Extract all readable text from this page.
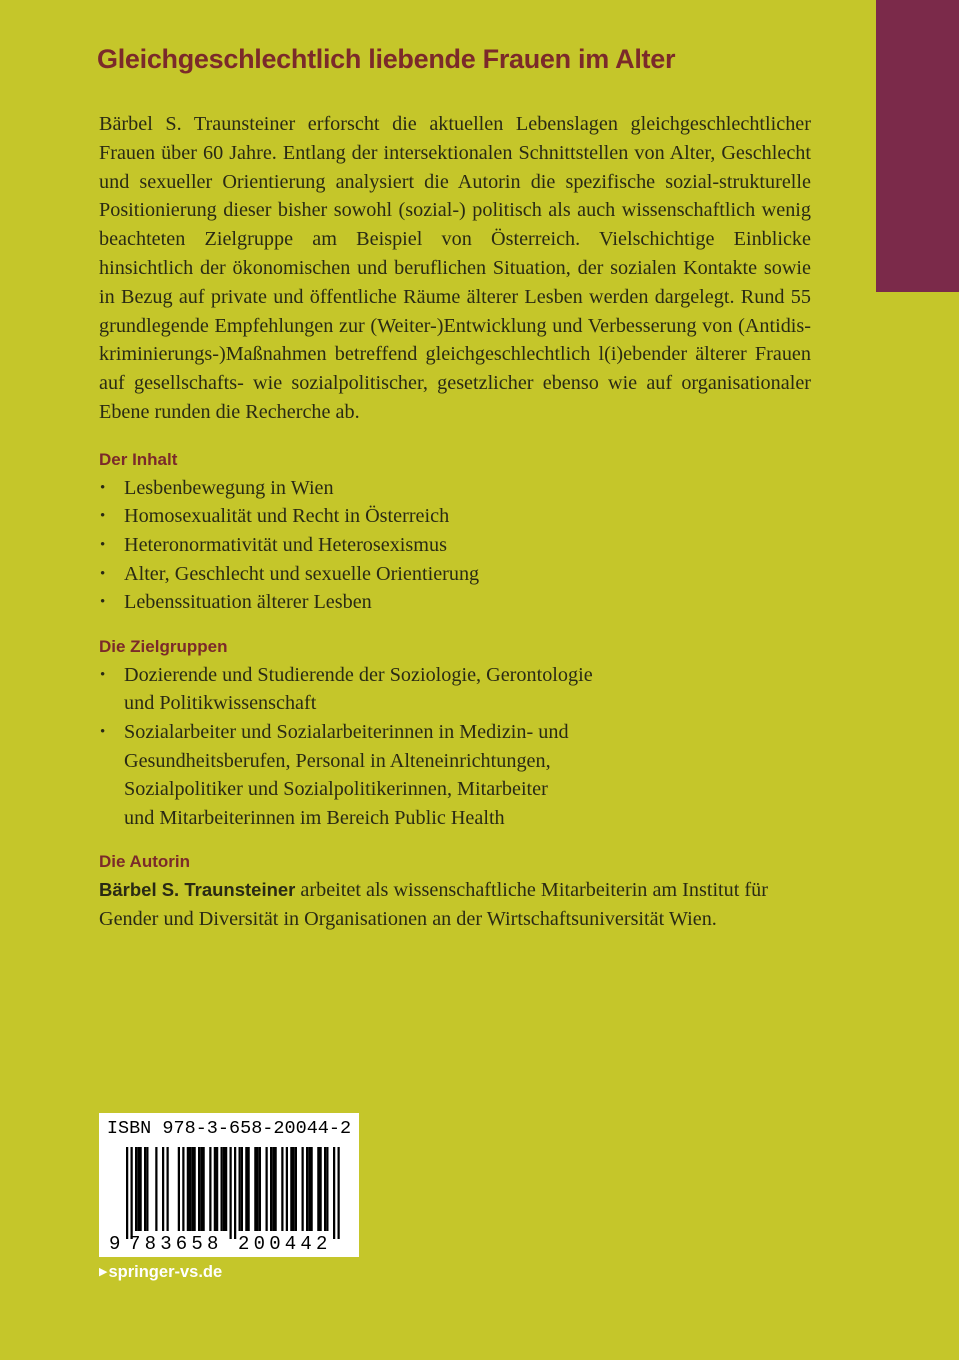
Gleichgeschlechtlich liebende Frauen im Alter

Bärbel S. Traunsteiner erforscht die aktuellen Lebenslagen gleichgeschlechtlicher Frauen über 60 Jahre. Entlang der intersektionalen Schnittstellen von Alter, Geschlecht und sexueller Orientierung analysiert die Autorin die spezifische sozial-strukturelle Positionierung dieser bisher sowohl (sozial-) politisch als auch wissenschaftlich wenig beachteten Zielgruppe am Beispiel von Österreich. Vielschichtige Einblicke hinsichtlich der ökonomischen und beruflichen Situation, der sozialen Kontakte sowie in Bezug auf private und öffentliche Räume älterer Lesben werden dargelegt. Rund 55 grundlegende Empfehlungen zur (Weiter-)Entwicklung und Verbesserung von (Antidiskriminierungs-)Maßnahmen betreffend gleichgeschlechtlich l(i)ebender älterer Frauen auf gesellschafts- wie sozialpolitischer, gesetzlicher ebenso wie auf organisationaler Ebene runden die Recherche ab.

Der Inhalt
• Lesbenbewegung in Wien
• Homosexualität und Recht in Österreich
• Heteronormativität und Heterosexismus
• Alter, Geschlecht und sexuelle Orientierung
• Lebenssituation älterer Lesben
Die Zielgruppen
• Dozierende und Studierende der Soziologie, Gerontologie
und Politikwissenschaft
• Sozialarbeiter und Sozialarbeiterinnen in Medizin- und
Gesundheitsberufen, Personal in Alteneinrichtungen,
Sozialpolitiker und Sozialpolitikerinnen, Mitarbeiter
und Mitarbeiterinnen im Bereich Public Health
Die Autorin

Bärbel S. Traunsteiner arbeitet als wissenschaftliche Mitarbeiterin am Institut für Gender und Diversität in Organisationen an der Wirtschaftsuniversität Wien.

ISBN 978-3-658-20044-2
9 783658 200442
▶springer-vs.de
